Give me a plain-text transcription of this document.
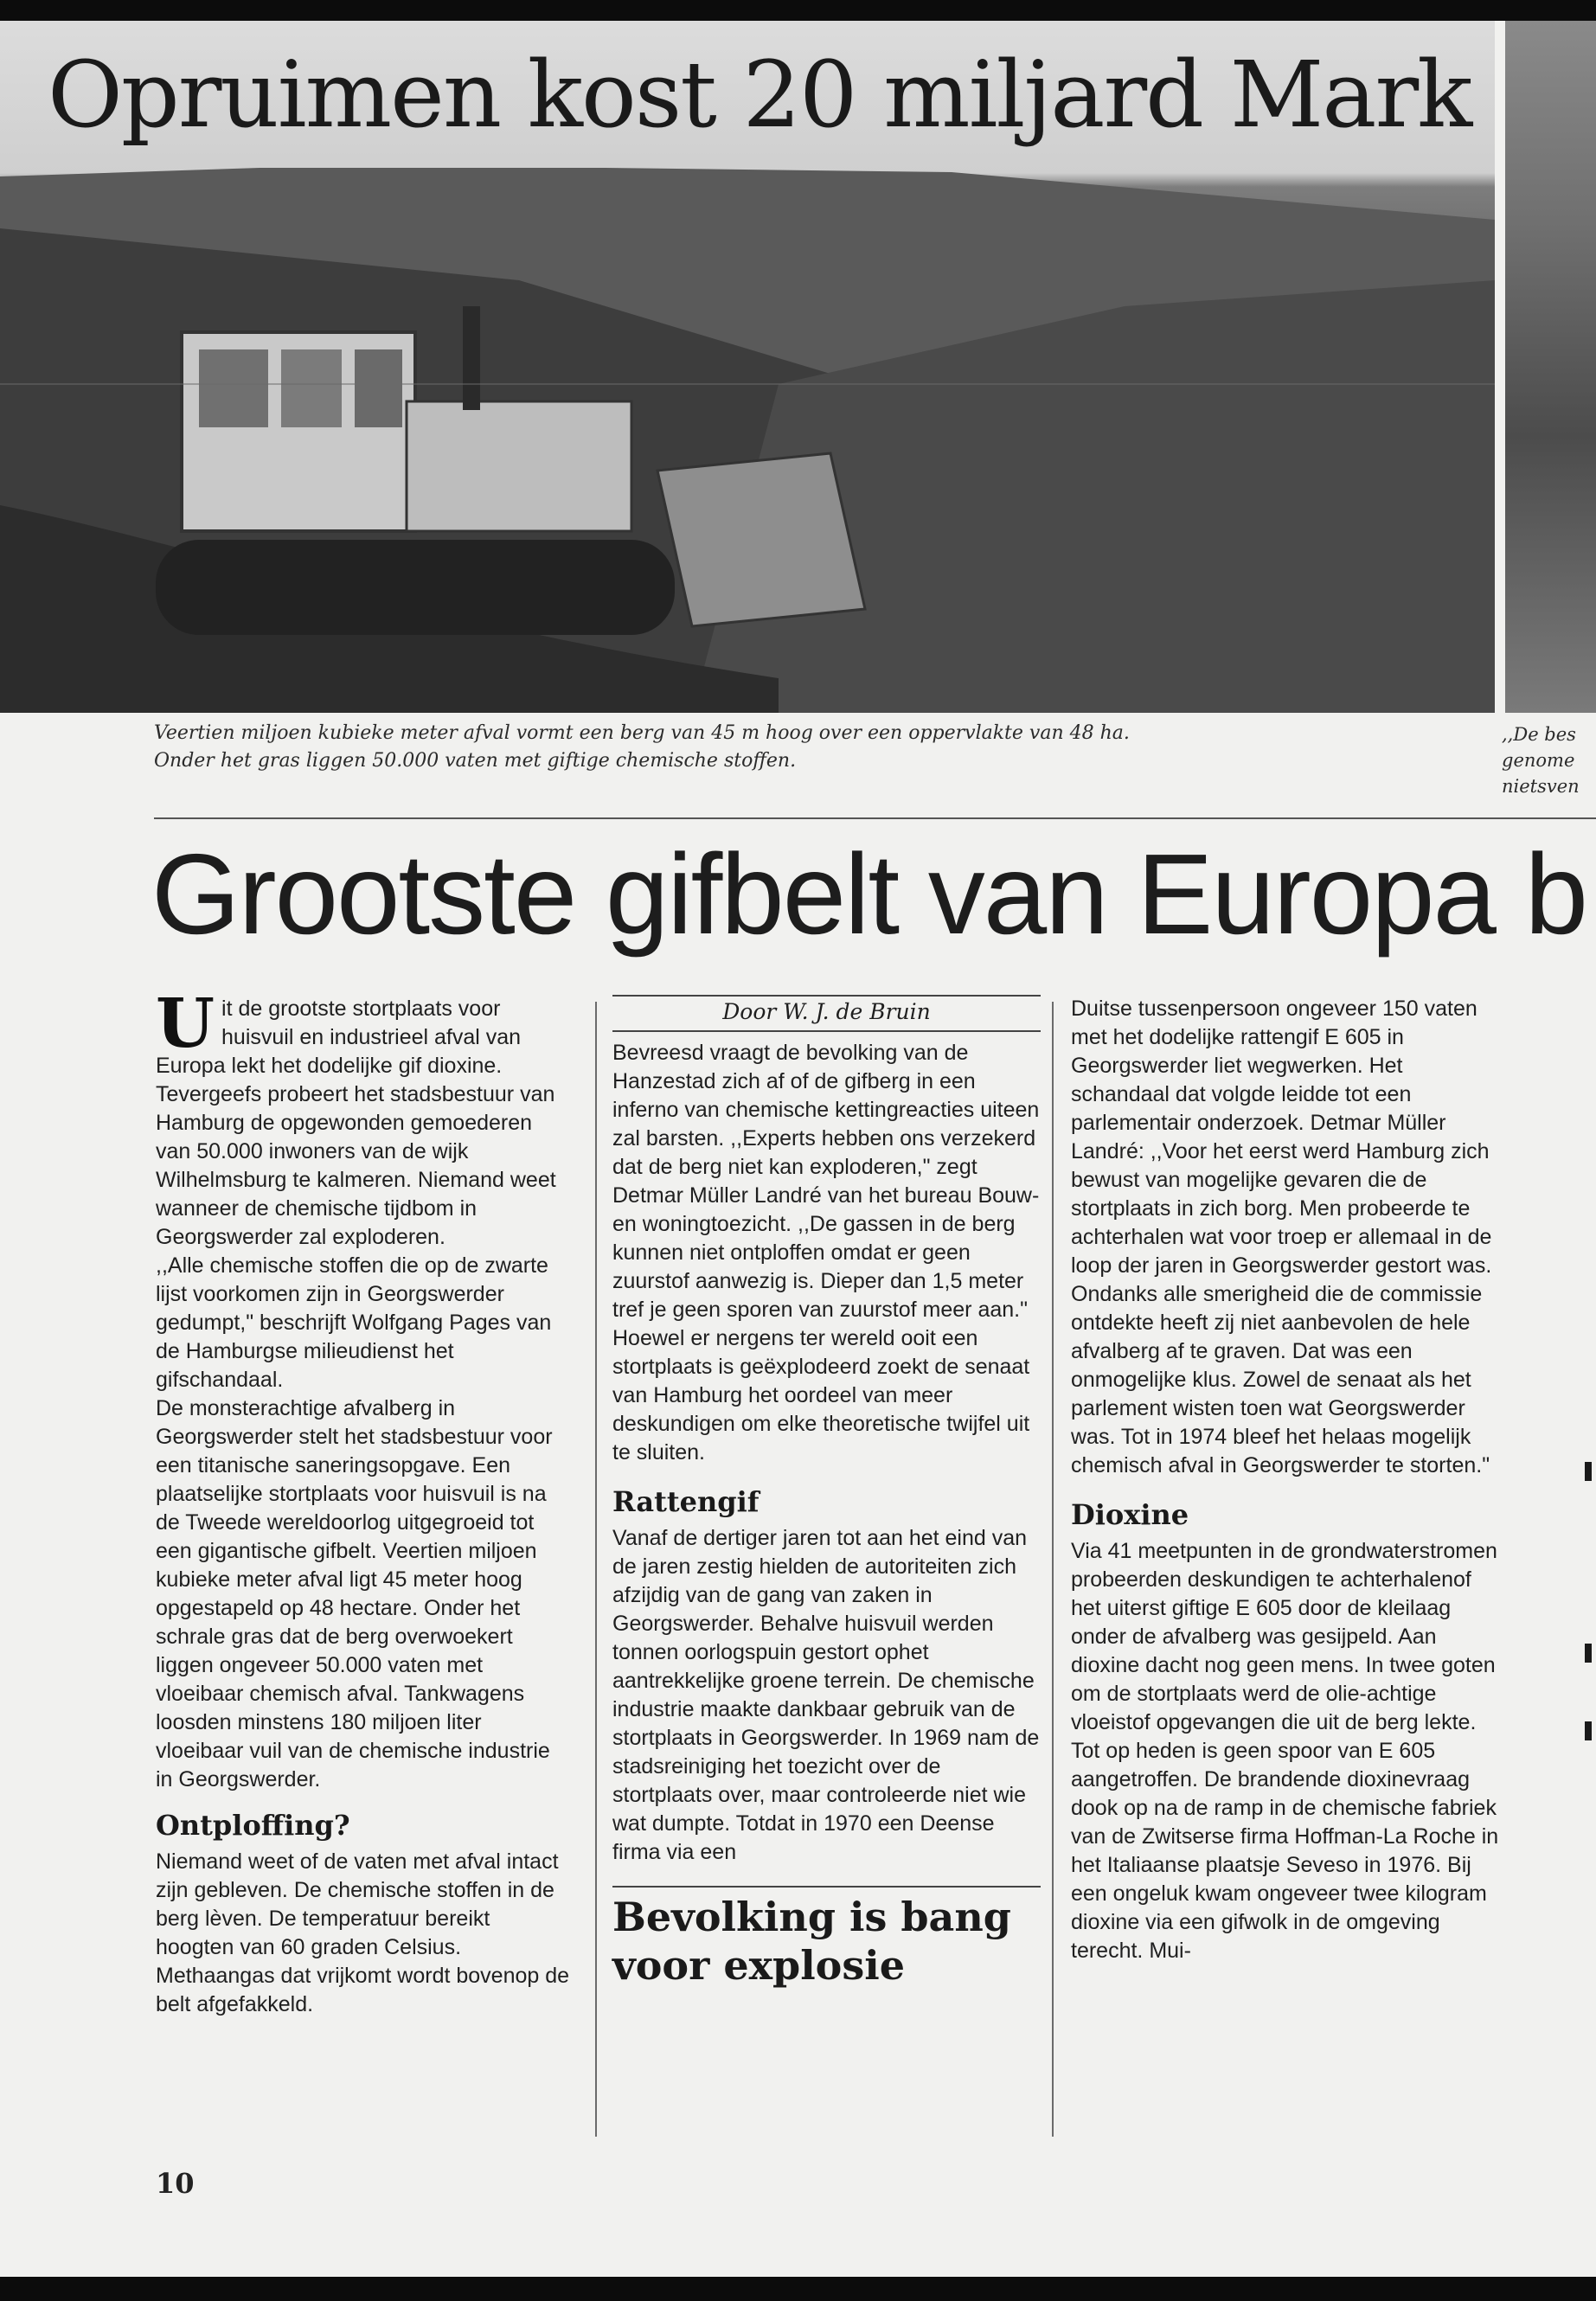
Opruimen kost 20 miljard Mark

Veertien miljoen kubieke meter afval vormt een berg van 45 m hoog over een oppervlakte van 48 ha.

Onder het gras liggen 50.000 vaten met giftige chemische stoffen.

,,De bes

genome

nietsven

Grootste gifbelt van Europa b

Uit de grootste stortplaats voor huisvuil en industrieel afval van Europa lekt het dodelijke gif dioxine. Tevergeefs probeert het stadsbestuur van Hamburg de opgewonden gemoederen van 50.000 inwoners van de wijk Wilhelmsburg te kalmeren. Niemand weet wanneer de chemische tijdbom in Georgswerder zal exploderen.

,,Alle chemische stoffen die op de zwarte lijst voorkomen zijn in Georgswerder gedumpt," beschrijft Wolfgang Pages van de Hamburgse milieudienst het gifschandaal.

De monsterachtige afvalberg in Georgswerder stelt het stadsbestuur voor een titanische saneringsopgave. Een plaatselijke stortplaats voor huisvuil is na de Tweede wereldoorlog uitgegroeid tot een gigantische gifbelt. Veertien miljoen kubieke meter afval ligt 45 meter hoog opgestapeld op 48 hectare. Onder het schrale gras dat de berg overwoekert liggen ongeveer 50.000 vaten met vloeibaar chemisch afval. Tankwagens loosden minstens 180 miljoen liter vloeibaar vuil van de chemische industrie in Georgswerder.

Ontploffing?

Niemand weet of de vaten met afval intact zijn gebleven. De chemische stoffen in de berg lèven. De temperatuur bereikt hoogten van 60 graden Celsius. Methaangas dat vrijkomt wordt bovenop de belt afgefakkeld.

Door W. J. de Bruin

Bevreesd vraagt de bevolking van de Hanzestad zich af of de gifberg in een inferno van chemische kettingreacties uiteen zal barsten. ,,Experts hebben ons verzekerd dat de berg niet kan exploderen," zegt Detmar Müller Landré van het bureau Bouw- en woningtoezicht. ,,De gassen in de berg kunnen niet ontploffen omdat er geen zuurstof aanwezig is. Dieper dan 1,5 meter tref je geen sporen van zuurstof meer aan." Hoewel er nergens ter wereld ooit een stortplaats is geëxplodeerd zoekt de senaat van Hamburg het oordeel van meer deskundigen om elke theoretische twijfel uit te sluiten.

Rattengif

Vanaf de dertiger jaren tot aan het eind van de jaren zestig hielden de autoriteiten zich afzijdig van de gang van zaken in Georgswerder. Behalve huisvuil werden tonnen oorlogspuin gestort ophet aantrekkelijke groene terrein. De chemische industrie maakte dankbaar gebruik van de stortplaats in Georgswerder. In 1969 nam de stadsreiniging het toezicht over de stortplaats over, maar controleerde niet wie wat dumpte. Totdat in 1970 een Deense firma via een

Bevolking is bang
voor explosie

Duitse tussenpersoon ongeveer 150 vaten met het dodelijke rattengif E 605 in Georgswerder liet wegwerken. Het schandaal dat volgde leidde tot een parlementair onderzoek. Detmar Müller Landré: ,,Voor het eerst werd Hamburg zich bewust van mogelijke gevaren die de stortplaats in zich borg. Men probeerde te achterhalen wat voor troep er allemaal in de loop der jaren in Georgswerder gestort was. Ondanks alle smerigheid die de commissie ontdekte heeft zij niet aanbevolen de hele afvalberg af te graven. Dat was een onmogelijke klus. Zowel de senaat als het parlement wisten toen wat Georgswerder was. Tot in 1974 bleef het helaas mogelijk chemisch afval in Georgswerder te storten."

Dioxine

Via 41 meetpunten in de grondwaterstromen probeerden deskundigen te achterhalenof het uiterst giftige E 605 door de kleilaag onder de afvalberg was gesijpeld. Aan dioxine dacht nog geen mens. In twee goten om de stortplaats werd de olie-achtige vloeistof opgevangen die uit de berg lekte. Tot op heden is geen spoor van E 605 aangetroffen. De brandende dioxinevraag dook op na de ramp in de chemische fabriek van de Zwitserse firma Hoffman-La Roche in het Italiaanse plaatsje Seveso in 1976. Bij een ongeluk kwam ongeveer twee kilogram dioxine via een gifwolk in de omgeving terecht. Mui-

10
